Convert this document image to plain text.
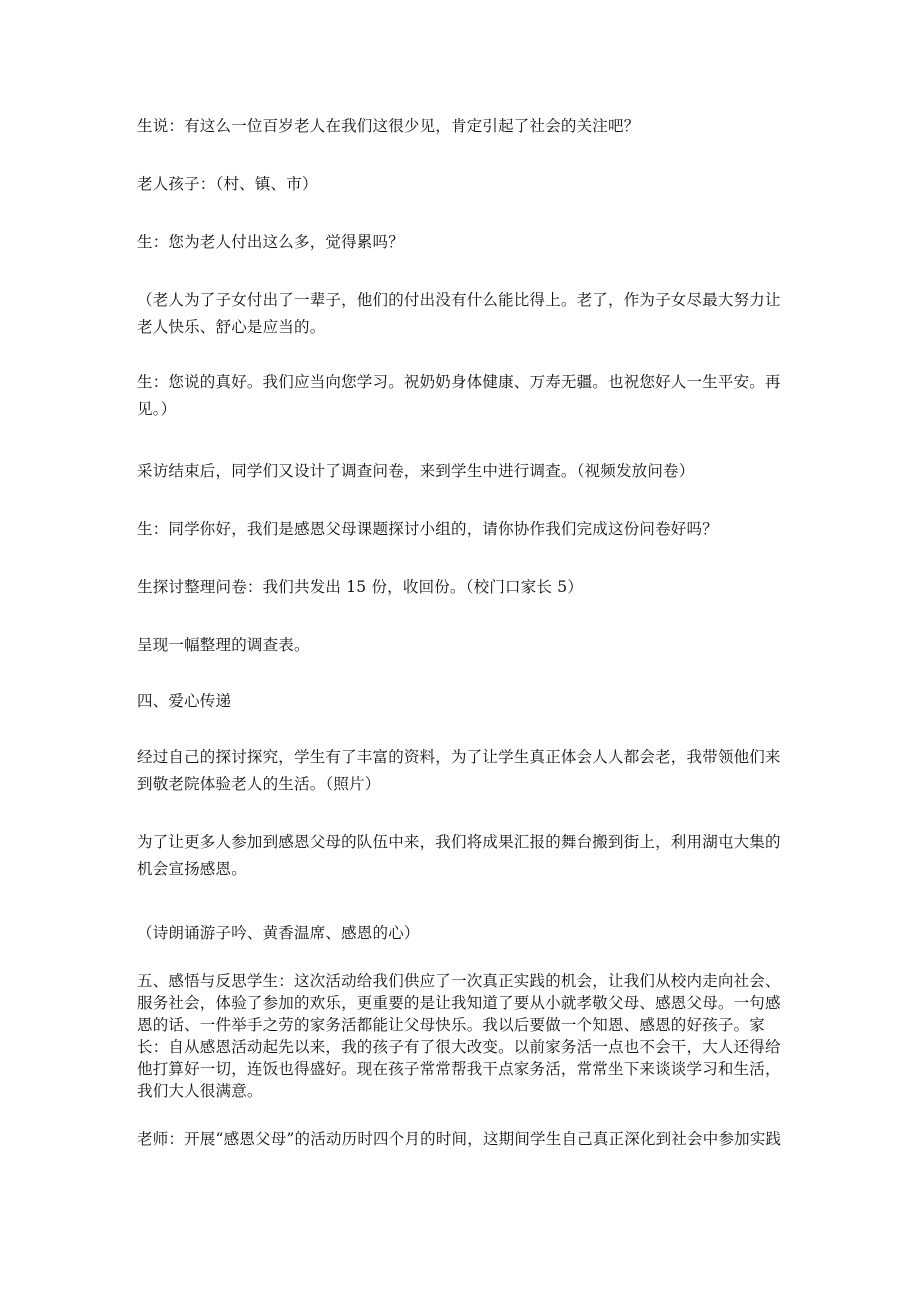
生说：有这么一位百岁老人在我们这很少见，肯定引起了社会的关注吧？

老人孩子：（村、镇、市）

生：您为老人付出这么多，觉得累吗？

（老人为了子女付出了一辈子，他们的付出没有什么能比得上。老了，作为子女尽最大努力让老人快乐、舒心是应当的。

生：您说的真好。我们应当向您学习。祝奶奶身体健康、万寿无疆。也祝您好人一生平安。再见。）

采访结束后，同学们又设计了调查问卷，来到学生中进行调查。（视频发放问卷）

生：同学你好，我们是感恩父母课题探讨小组的，请你协作我们完成这份问卷好吗？

生探讨整理问卷：我们共发出 15 份，收回份。（校门口家长 5）

呈现一幅整理的调查表。

四、爱心传递

经过自己的探讨探究，学生有了丰富的资料，为了让学生真正体会人人都会老，我带领他们来到敬老院体验老人的生活。（照片）

为了让更多人参加到感恩父母的队伍中来，我们将成果汇报的舞台搬到街上，利用湖屯大集的机会宣扬感恩。

（诗朗诵游子吟、黄香温席、感恩的心）

五、感悟与反思学生：这次活动给我们供应了一次真正实践的机会，让我们从校内走向社会、服务社会，体验了参加的欢乐，更重要的是让我知道了要从小就孝敬父母、感恩父母。一句感恩的话、一件举手之劳的家务活都能让父母快乐。我以后要做一个知恩、感恩的好孩子。家长：自从感恩活动起先以来，我的孩子有了很大改变。以前家务活一点也不会干，大人还得给他打算好一切，连饭也得盛好。现在孩子常常帮我干点家务活，常常坐下来谈谈学习和生活，我们大人很满意。

老师：开展“感恩父母”的活动历时四个月的时间，这期间学生自己真正深化到社会中参加实践
